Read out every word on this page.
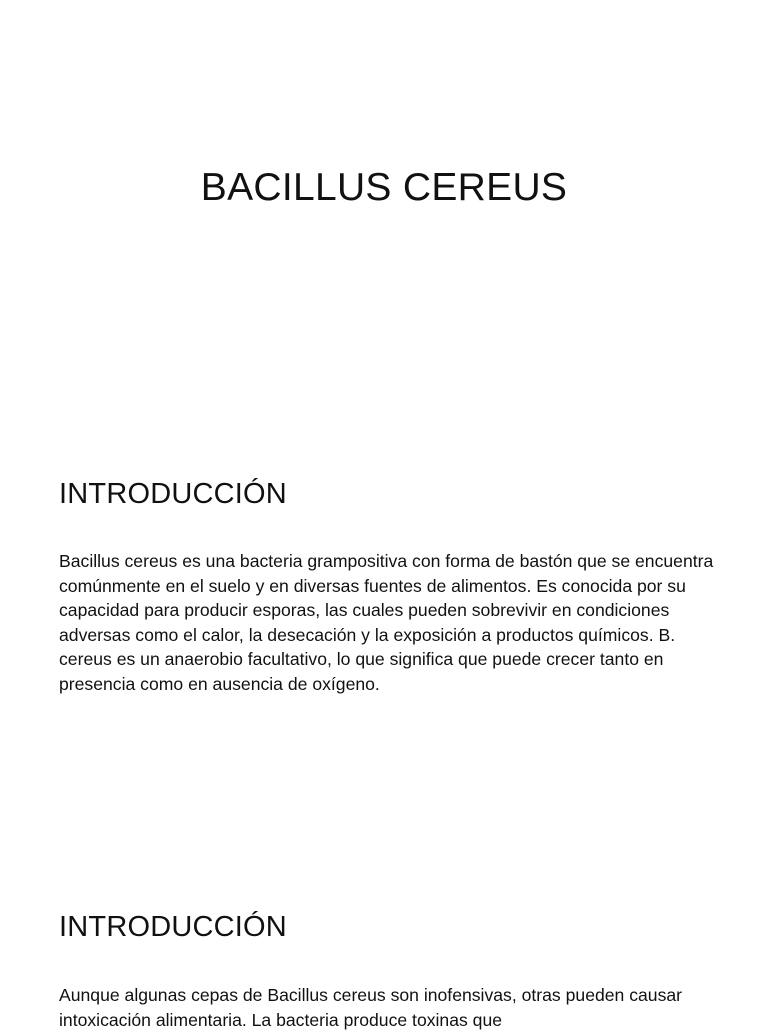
BACILLUS CEREUS
INTRODUCCIÓN
Bacillus cereus es una bacteria grampositiva con forma de bastón que se encuentra comúnmente en el suelo y en diversas fuentes de alimentos. Es conocida por su capacidad para producir esporas, las cuales pueden sobrevivir en condiciones adversas como el calor, la desecación y la exposición a productos químicos. B. cereus es un anaerobio facultativo, lo que significa que puede crecer tanto en presencia como en ausencia de oxígeno.
INTRODUCCIÓN
Aunque algunas cepas de Bacillus cereus son inofensivas, otras pueden causar intoxicación alimentaria. La bacteria produce toxinas que
